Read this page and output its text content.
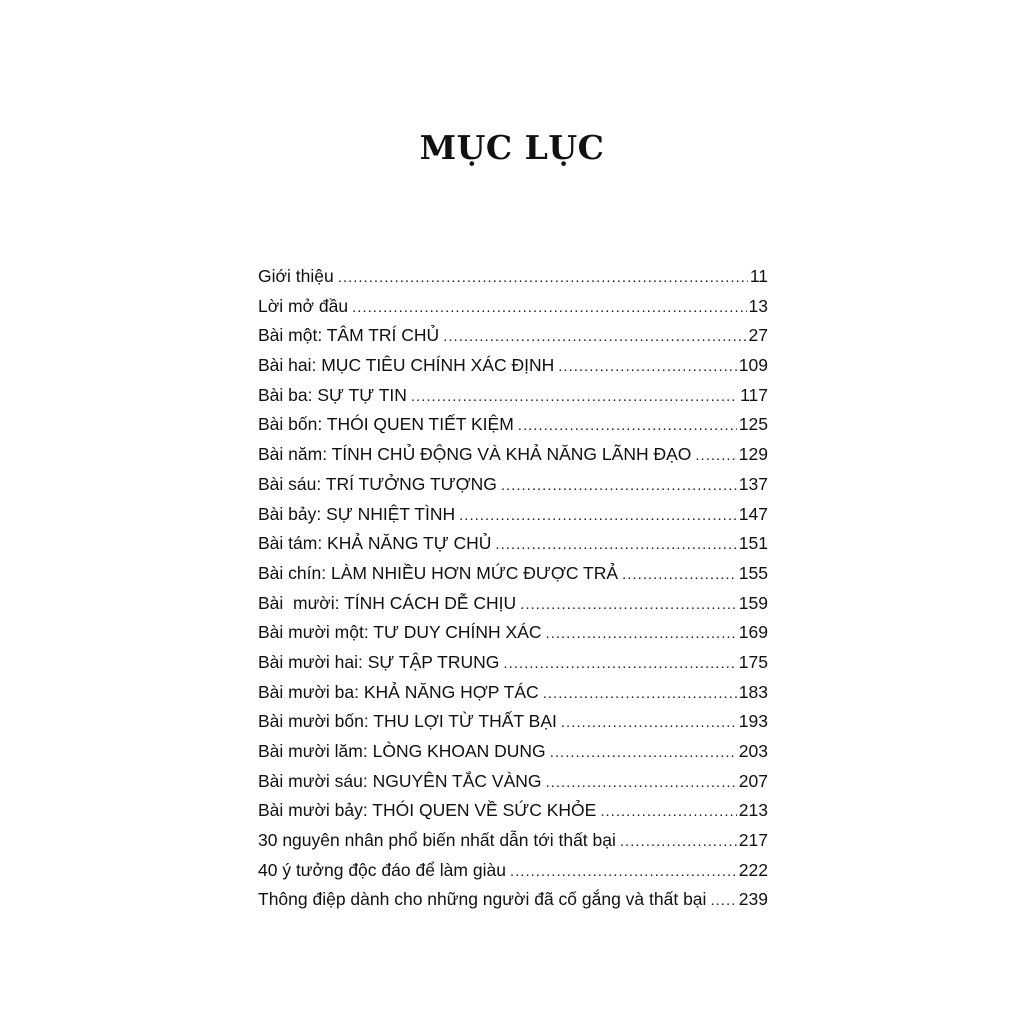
MỤC LỤC
Giới thiệu .....	11
Lời mở đầu .....	13
Bài một: TÂM TRÍ CHỦ .....	27
Bài hai: MỤC TIÊU CHÍNH XÁC ĐỊNH .....	109
Bài ba: SỰ TỰ TIN .....	117
Bài bốn: THÓI QUEN TIẾT KIỆM .....	125
Bài năm: TÍNH CHỦ ĐỘNG VÀ KHẢ NĂNG LÃNH ĐẠO .....	129
Bài sáu: TRÍ TƯỞNG TƯỢNG .....	137
Bài bảy: SỰ NHIỆT TÌNH .....	147
Bài tám: KHẢ NĂNG TỰ CHỦ .....	151
Bài chín: LÀM NHIỀU HƠN MỨC ĐƯỢC TRẢ .....	155
Bài  mười: TÍNH CÁCH DỄ CHỊU .....	159
Bài mười một: TƯ DUY CHÍNH XÁC .....	169
Bài mười hai: SỰ TẬP TRUNG .....	175
Bài mười ba: KHẢ NĂNG HỢP TÁC .....	183
Bài mười bốn: THU LỢI TỪ THẤT BẠI .....	193
Bài mười lăm: LÒNG KHOAN DUNG .....	203
Bài mười sáu: NGUYÊN TẮC VÀNG .....	207
Bài mười bảy: THÓI QUEN VỀ SỨC KHỎE .....	213
30 nguyên nhân phổ biến nhất dẫn tới thất bại .....	217
40 ý tưởng độc đáo để làm giàu .....	222
Thông điệp dành cho những người đã cố gắng và thất bại ..... 239
